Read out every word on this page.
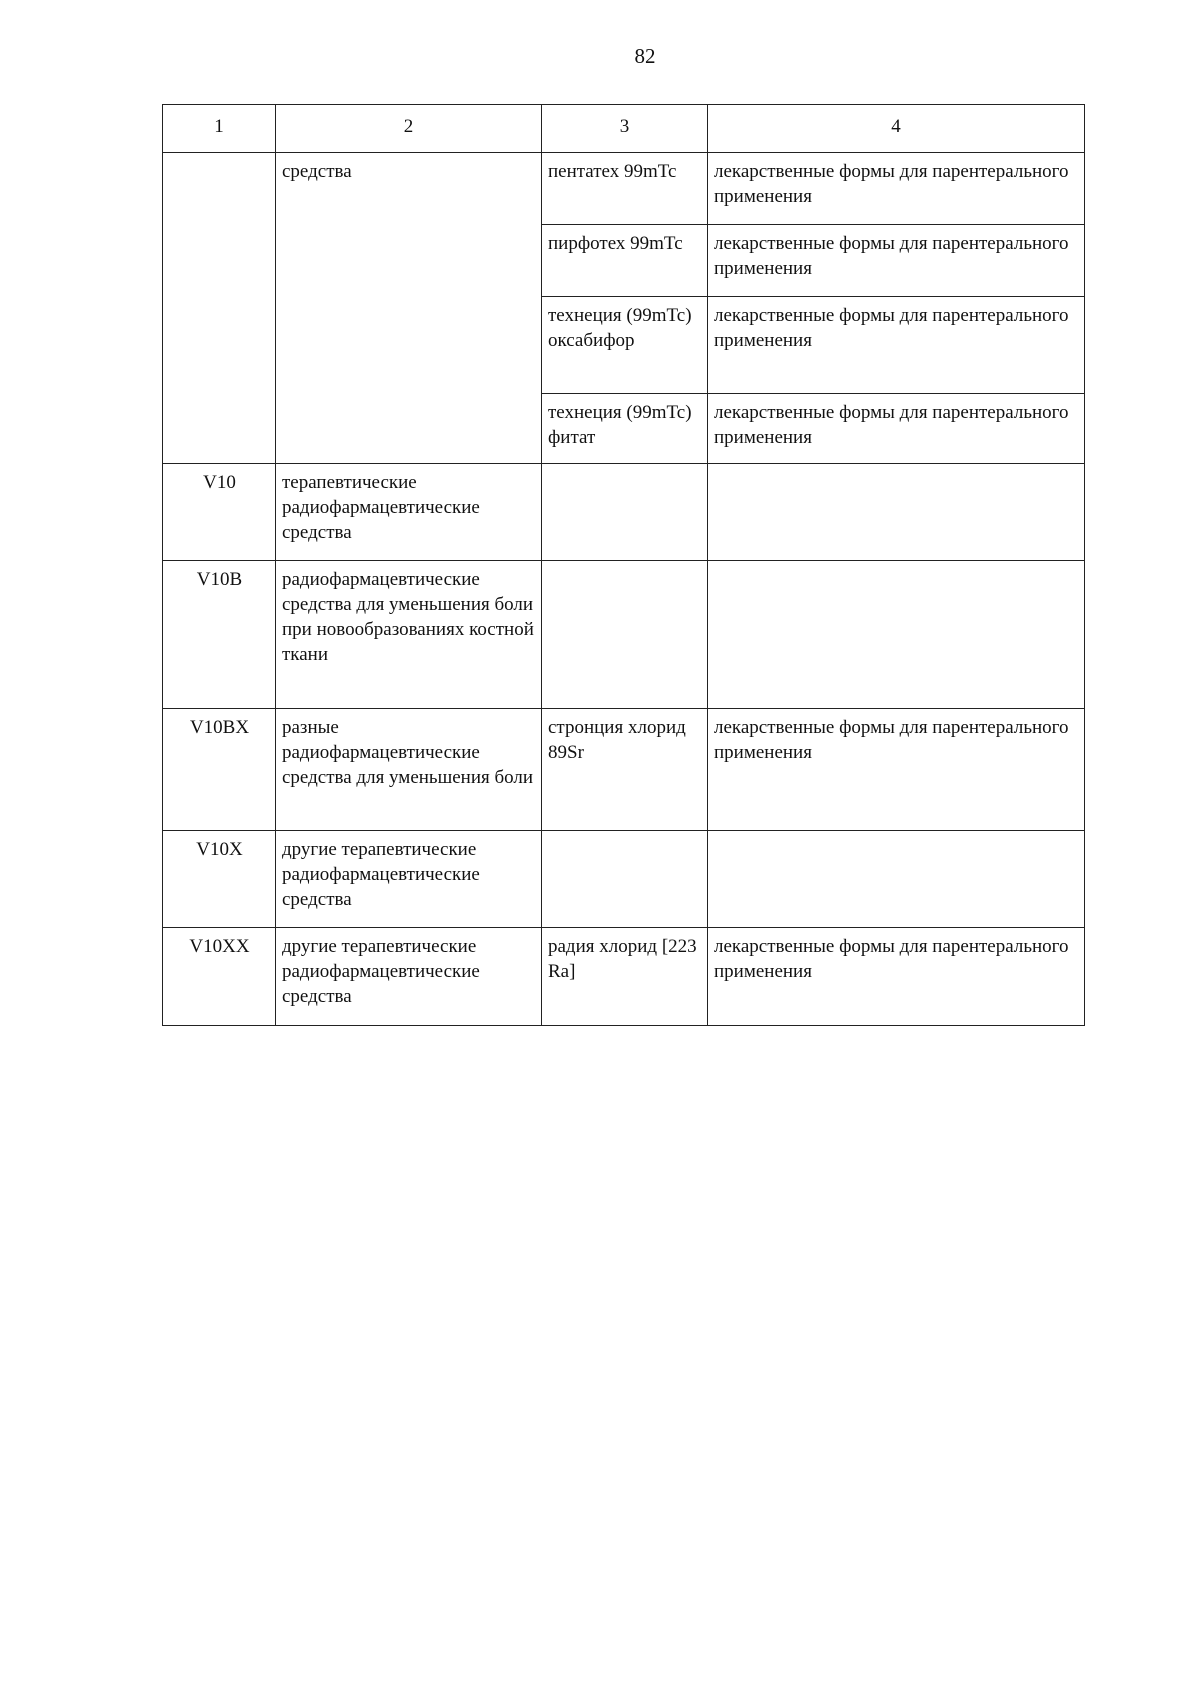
82
1	2	3	4
	средства	пентатех 99mTc	лекарственные формы для парентерального применения
		пирфотех 99mTc	лекарственные формы для парентерального применения
		технеция (99mTc) оксабифор	лекарственные формы для парентерального применения
		технеция (99mTc) фитат	лекарственные формы для парентерального применения
V10	терапевтические радиофармацевтические средства		
V10B	радиофармацевтические средства для уменьшения боли при новообразованиях костной ткани		
V10BX	разные радиофармацевтические средства для уменьшения боли	стронция хлорид 89Sr	лекарственные формы для парентерального применения
V10X	другие терапевтические радиофармацевтические средства		
V10XX	другие терапевтические радиофармацевтические средства	радия хлорид [223 Ra]	лекарственные формы для парентерального применения
